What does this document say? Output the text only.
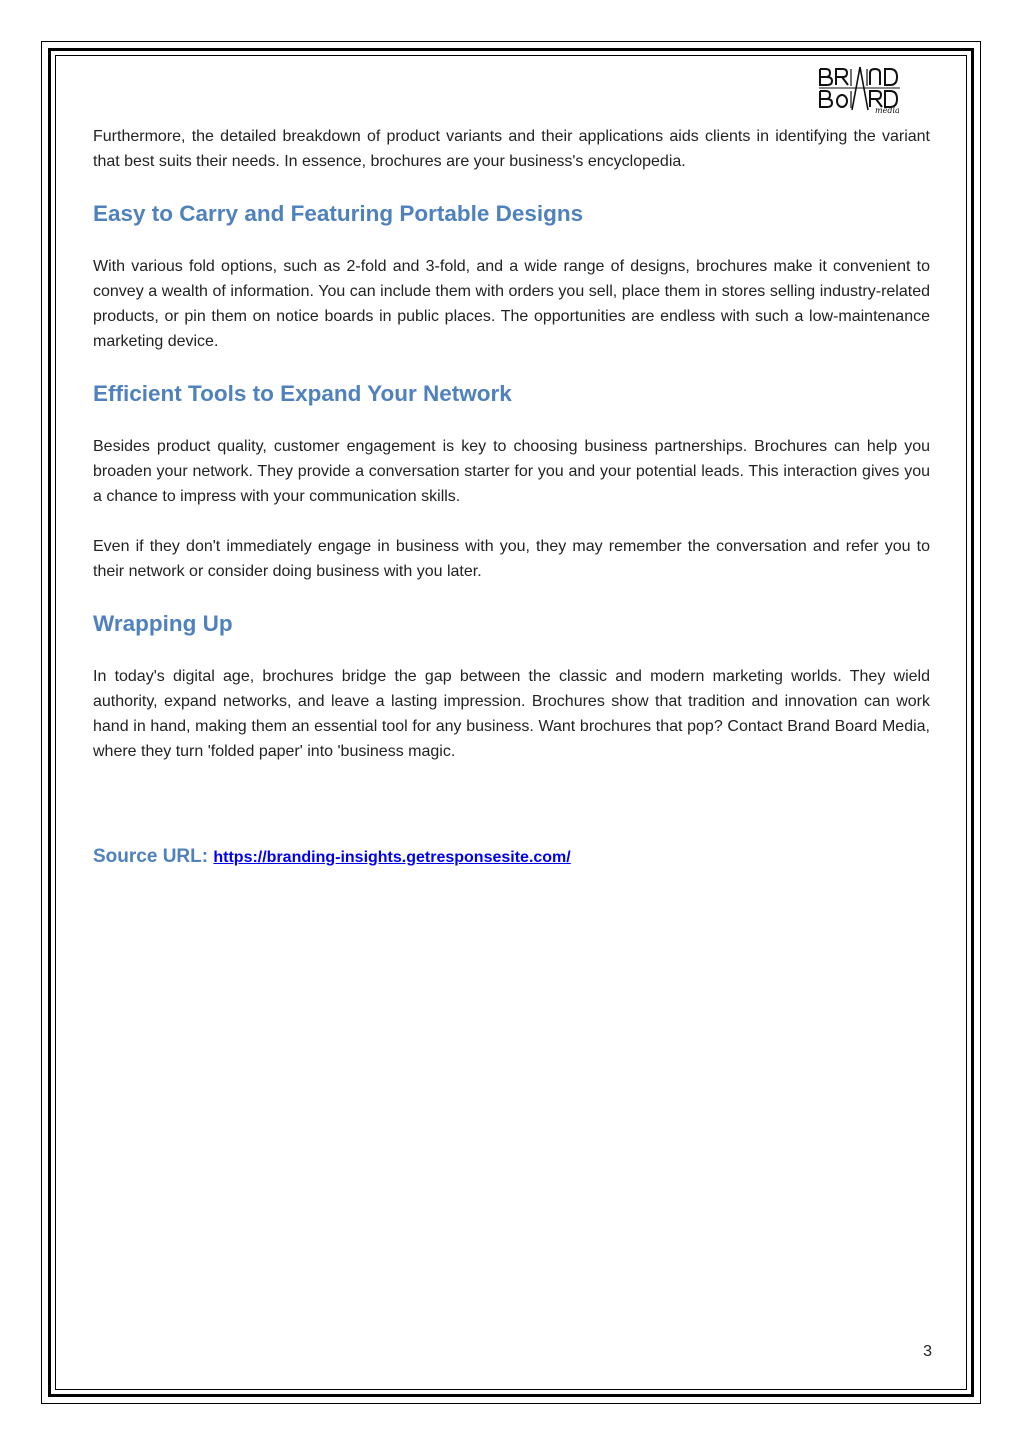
media

Furthermore, the detailed breakdown of product variants and their applications aids clients in identifying the variant that best suits their needs. In essence, brochures are your business's encyclopedia.

Easy to Carry and Featuring Portable Designs

With various fold options, such as 2-fold and 3-fold, and a wide range of designs, brochures make it convenient to convey a wealth of information. You can include them with orders you sell, place them in stores selling industry-related products, or pin them on notice boards in public places. The opportunities are endless with such a low-maintenance marketing device.

Efficient Tools to Expand Your Network

Besides product quality, customer engagement is key to choosing business partnerships. Brochures can help you broaden your network. They provide a conversation starter for you and your potential leads. This interaction gives you a chance to impress with your communication skills.

Even if they don't immediately engage in business with you, they may remember the conversation and refer you to their network or consider doing business with you later.

Wrapping Up

In today's digital age, brochures bridge the gap between the classic and modern marketing worlds. They wield authority, expand networks, and leave a lasting impression. Brochures show that tradition and innovation can work hand in hand, making them an essential tool for any business. Want brochures that pop? Contact Brand Board Media, where they turn 'folded paper' into 'business magic.

Source URL: https://branding-insights.getresponsesite.com/
3
